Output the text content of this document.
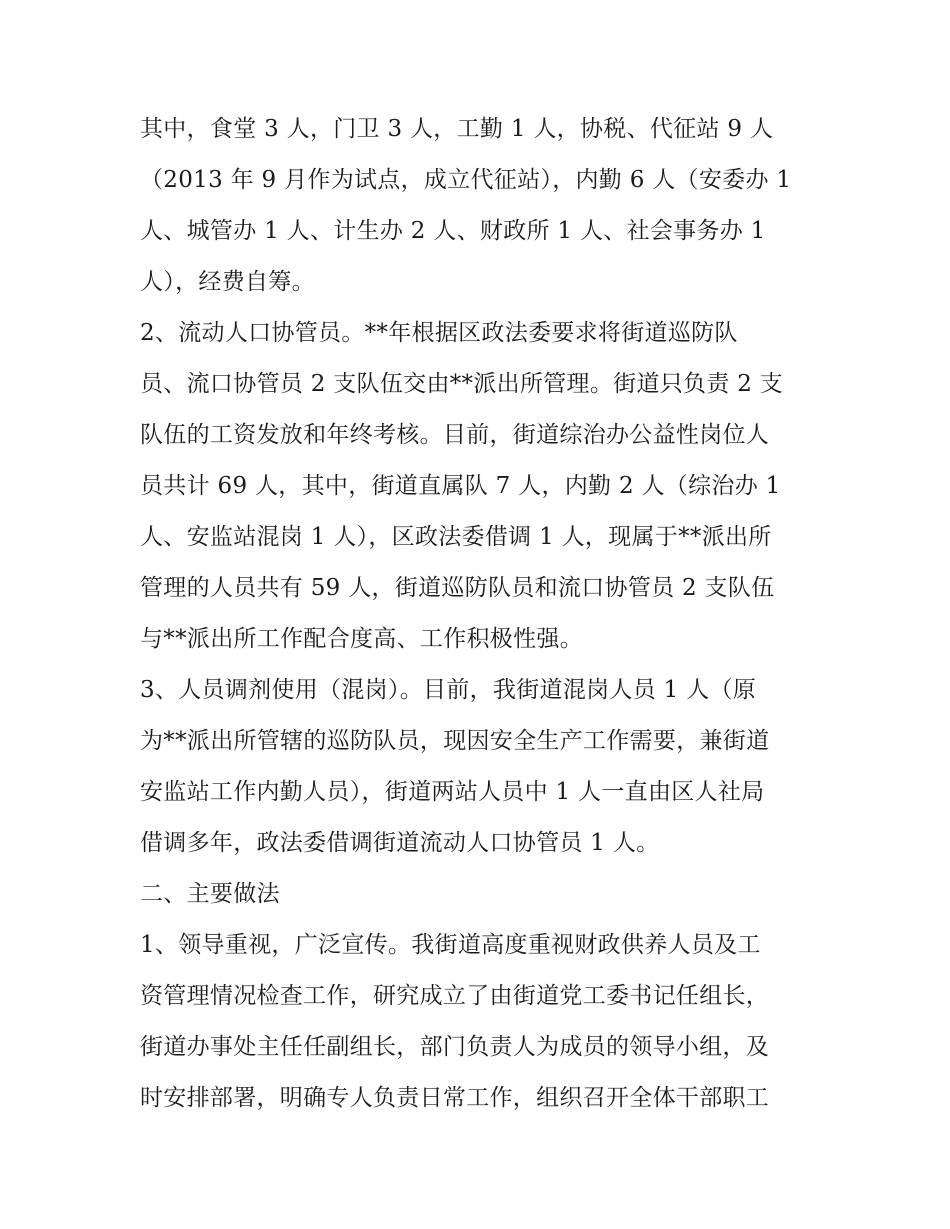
其中，食堂 3 人，门卫 3 人，工勤 1 人，协税、代征站 9 人
（2013 年 9 月作为试点，成立代征站），内勤 6 人（安委办 1
人、城管办 1 人、计生办 2 人、财政所 1 人、社会事务办 1
人），经费自筹。
2、流动人口协管员。**年根据区政法委要求将街道巡防队
员、流口协管员 2 支队伍交由**派出所管理。街道只负责 2 支
队伍的工资发放和年终考核。目前，街道综治办公益性岗位人
员共计 69 人，其中，街道直属队 7 人，内勤 2 人（综治办 1
人、安监站混岗 1 人），区政法委借调 1 人，现属于**派出所
管理的人员共有 59 人，街道巡防队员和流口协管员 2 支队伍
与**派出所工作配合度高、工作积极性强。
3、人员调剂使用（混岗）。目前，我街道混岗人员 1 人（原
为**派出所管辖的巡防队员，现因安全生产工作需要，兼街道
安监站工作内勤人员），街道两站人员中 1 人一直由区人社局
借调多年，政法委借调街道流动人口协管员 1 人。
二、主要做法
1、领导重视，广泛宣传。我街道高度重视财政供养人员及工
资管理情况检查工作，研究成立了由街道党工委书记任组长，
街道办事处主任任副组长，部门负责人为成员的领导小组，及
时安排部署，明确专人负责日常工作，组织召开全体干部职工
